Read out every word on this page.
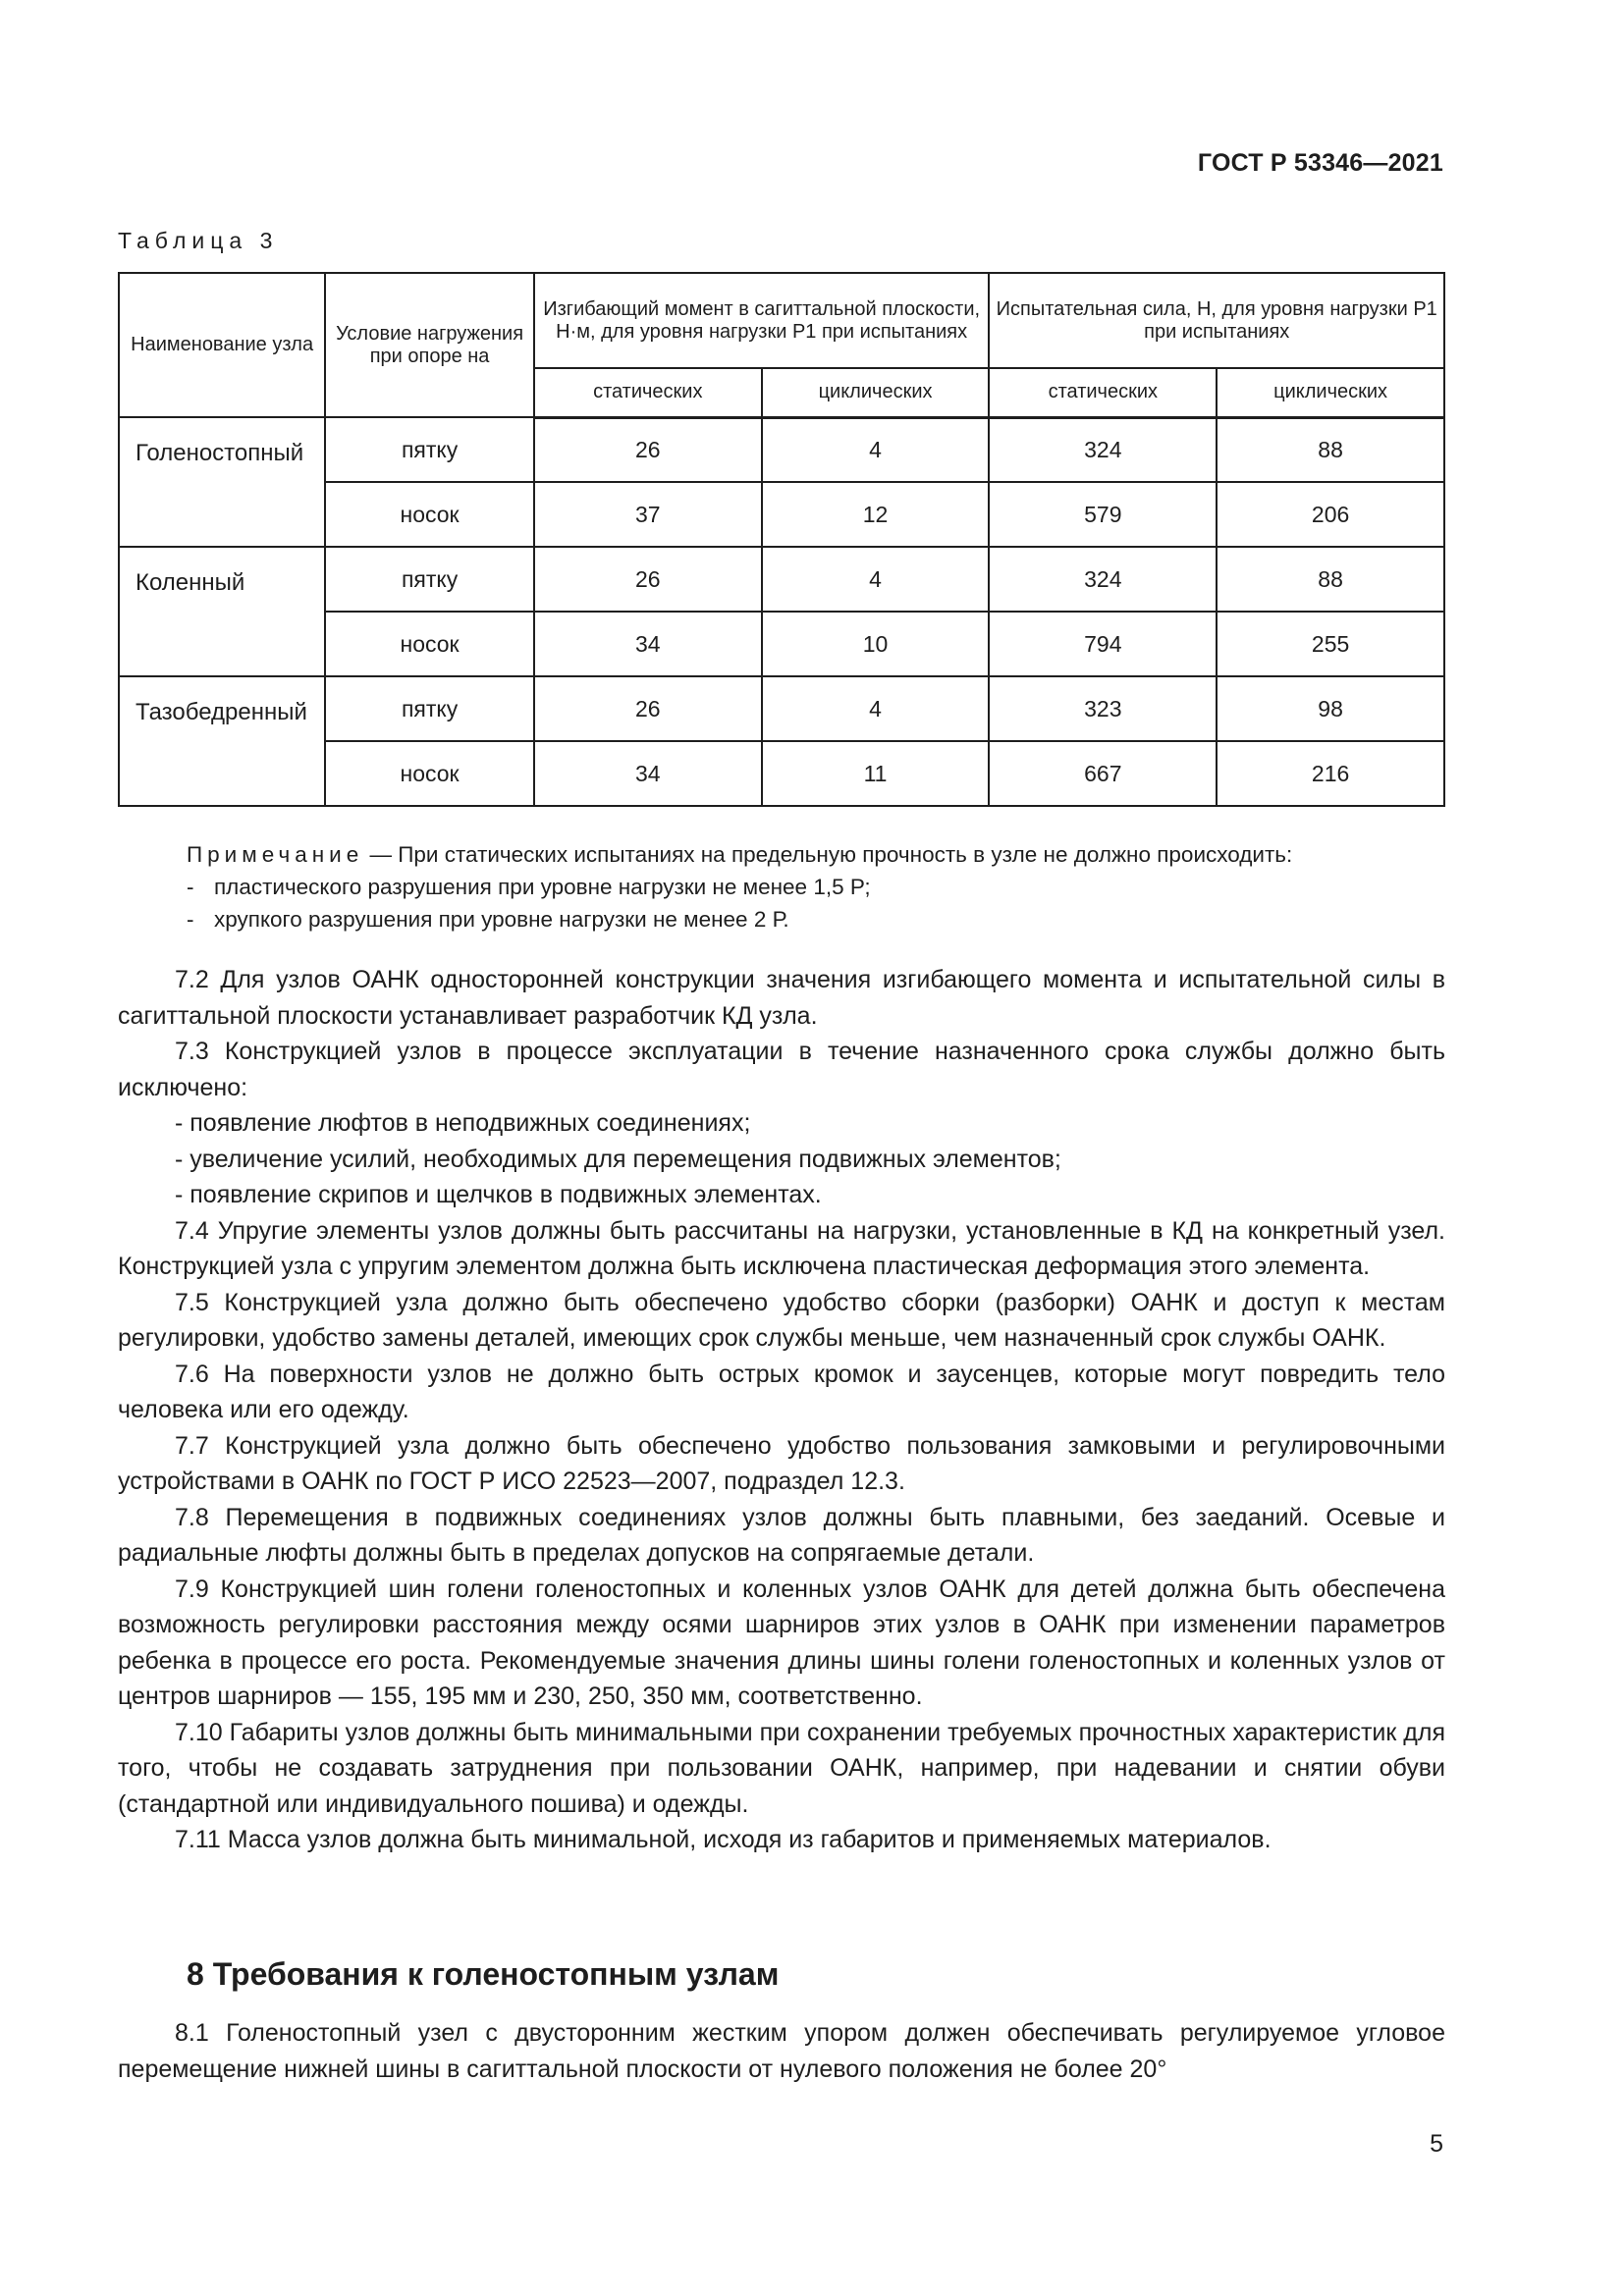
ГОСТ Р 53346—2021
Таблица 3
Наименование узла	Условие нагружения при опоре на	Изгибающий момент в сагиттальной плоскости, Н·м, для уровня нагрузки Р1 при испытаниях		Испытательная сила, Н, для уровня нагрузки Р1 при испытаниях	
		статических	циклических	статических	циклических
Голеностопный	пятку	26	4	324	88
	носок	37	12	579	206
Коленный	пятку	26	4	324	88
	носок	34	10	794	255
Тазобедренный	пятку	26	4	323	98
	носок	34	11	667	216
Примечание — При статических испытаниях на предельную прочность в узле не должно происходить:
- пластического разрушения при уровне нагрузки не менее 1,5 Р;
- хрупкого разрушения при уровне нагрузки не менее 2 Р.

7.2 Для узлов ОАНК односторонней конструкции значения изгибающего момента и испытательной силы в сагиттальной плоскости устанавливает разработчик КД узла.

7.3 Конструкцией узлов в процессе эксплуатации в течение назначенного срока службы должно быть исключено:

- появление люфтов в неподвижных соединениях;

- увеличение усилий, необходимых для перемещения подвижных элементов;

- появление скрипов и щелчков в подвижных элементах.

7.4 Упругие элементы узлов должны быть рассчитаны на нагрузки, установленные в КД на конкретный узел. Конструкцией узла с упругим элементом должна быть исключена пластическая деформация этого элемента.

7.5 Конструкцией узла должно быть обеспечено удобство сборки (разборки) ОАНК и доступ к местам регулировки, удобство замены деталей, имеющих срок службы меньше, чем назначенный срок службы ОАНК.

7.6 На поверхности узлов не должно быть острых кромок и заусенцев, которые могут повредить тело человека или его одежду.

7.7 Конструкцией узла должно быть обеспечено удобство пользования замковыми и регулировочными устройствами в ОАНК по ГОСТ Р ИСО 22523—2007, подраздел 12.3.

7.8 Перемещения в подвижных соединениях узлов должны быть плавными, без заеданий. Осевые и радиальные люфты должны быть в пределах допусков на сопрягаемые детали.

7.9 Конструкцией шин голени голеностопных и коленных узлов ОАНК для детей должна быть обеспечена возможность регулировки расстояния между осями шарниров этих узлов в ОАНК при изменении параметров ребенка в процессе его роста. Рекомендуемые значения длины шины голени голеностопных и коленных узлов от центров шарниров — 155, 195 мм и 230, 250, 350 мм, соответственно.

7.10 Габариты узлов должны быть минимальными при сохранении требуемых прочностных характеристик для того, чтобы не создавать затруднения при пользовании ОАНК, например, при надевании и снятии обуви (стандартной или индивидуального пошива) и одежды.

7.11 Масса узлов должна быть минимальной, исходя из габаритов и применяемых материалов.

8 Требования к голеностопным узлам

8.1 Голеностопный узел с двусторонним жестким упором должен обеспечивать регулируемое угловое перемещение нижней шины в сагиттальной плоскости от нулевого положения не более 20°

5
